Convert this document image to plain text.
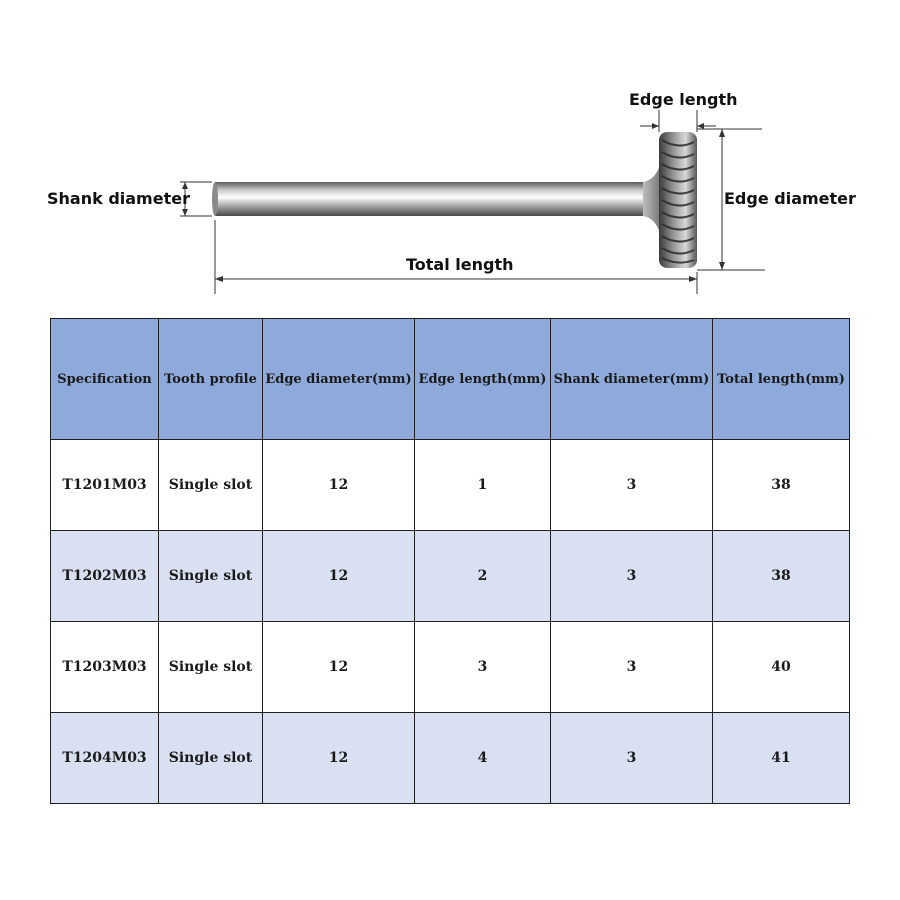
Edge length
Edge diameter
Shank diameter
Total length
Specification	Tooth profile	Edge diameter(mm)	Edge length(mm)	Shank diameter(mm)	Total length(mm)
T1201M03	Single slot	12	1	3	38
T1202M03	Single slot	12	2	3	38
T1203M03	Single slot	12	3	3	40
T1204M03	Single slot	12	4	3	41
